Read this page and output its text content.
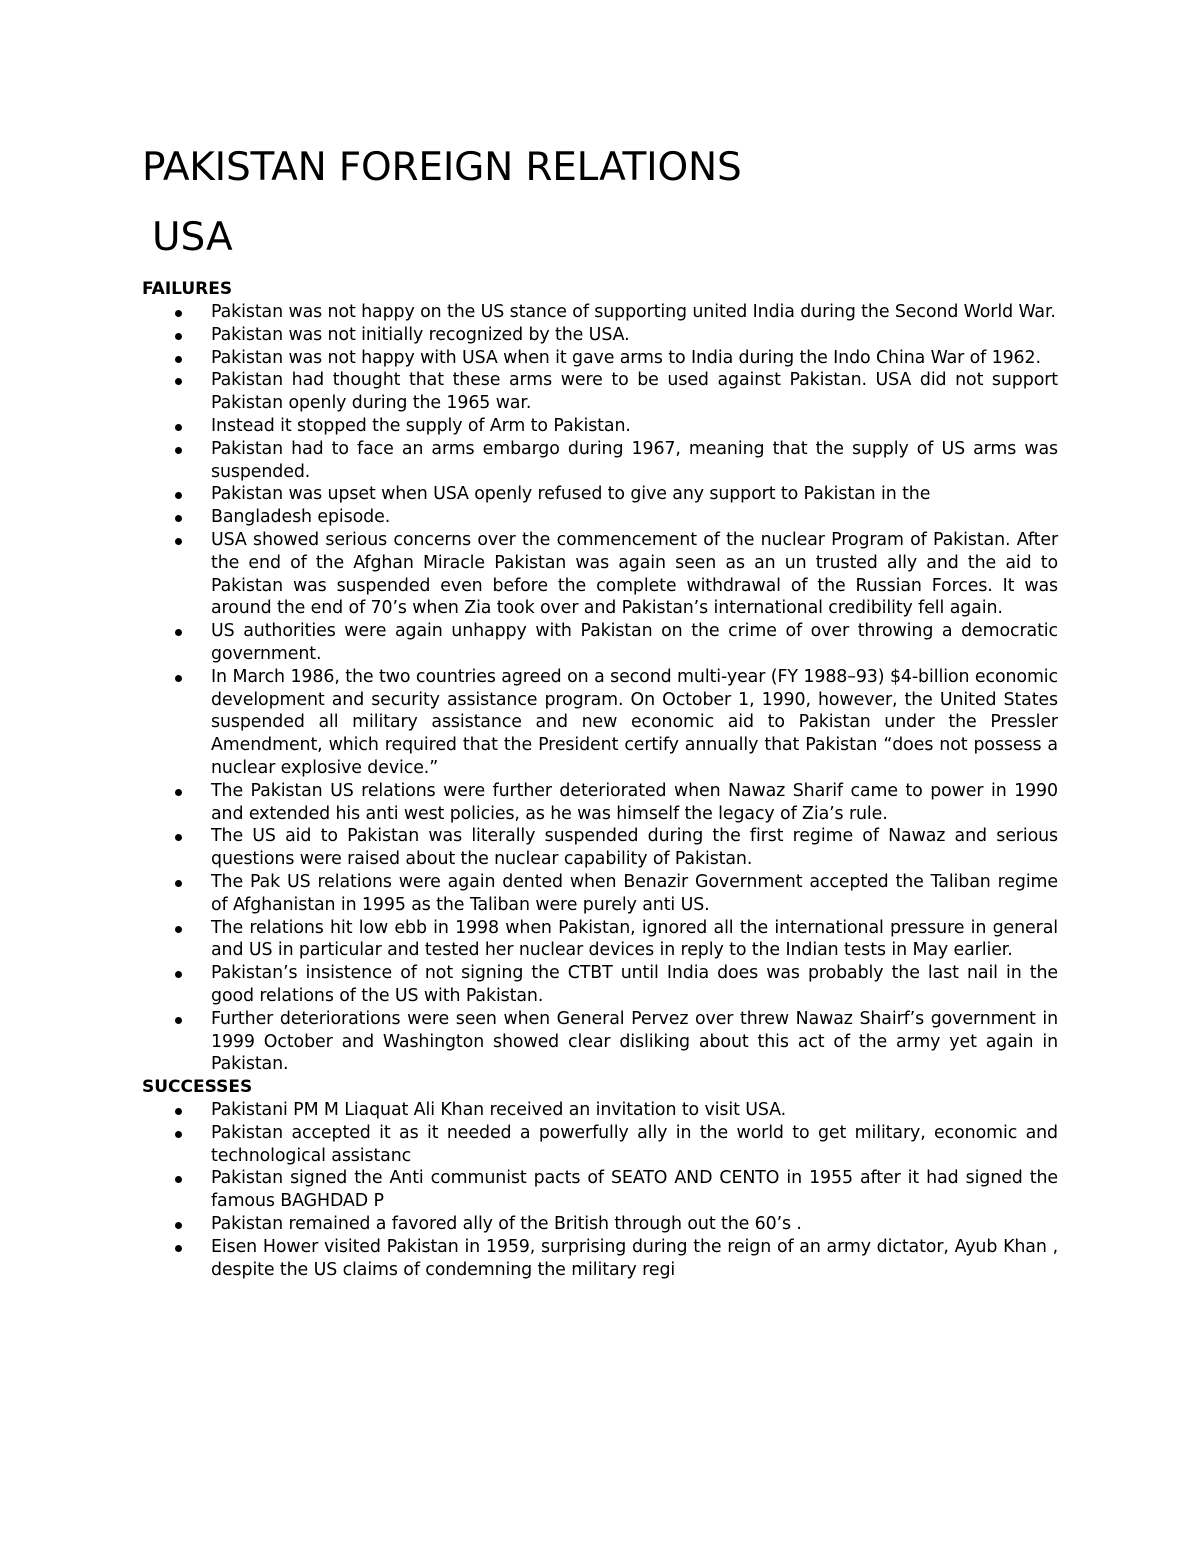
PAKISTAN FOREIGN RELATIONS
USA
FAILURES
Pakistan was not happy on the US stance of supporting united India during the Second World War.
Pakistan was not initially recognized by the USA.
Pakistan was not happy with USA when it gave arms to India during the Indo China War of 1962.
Pakistan had thought that these arms were to be used against Pakistan. USA did not support Pakistan openly during the 1965 war.
Instead it stopped the supply of Arm to Pakistan.
Pakistan had to face an arms embargo during 1967, meaning that the supply of US arms was suspended.
Pakistan was upset when USA openly refused to give any support to Pakistan in the
Bangladesh episode.
USA showed serious concerns over the commencement of the nuclear Program of Pakistan. After the end of the Afghan Miracle Pakistan was again seen as an un trusted ally and the aid to Pakistan was suspended even before the complete withdrawal of the Russian Forces. It was around the end of 70’s when Zia took over and Pakistan’s international credibility fell again.
US authorities were again unhappy with Pakistan on the crime of over throwing a democratic government.
In March 1986, the two countries agreed on a second multi-year (FY 1988–93) $4-billion economic development and security assistance program. On October 1, 1990, however, the United States suspended all military assistance and new economic aid to Pakistan under the Pressler Amendment, which required that the President certify annually that Pakistan “does not possess a nuclear explosive device.”
The Pakistan US relations were further deteriorated when Nawaz Sharif came to power in 1990 and extended his anti west policies, as he was himself the legacy of Zia’s rule.
The US aid to Pakistan was literally suspended during the first regime of Nawaz and serious questions were raised about the nuclear capability of Pakistan.
The Pak US relations were again dented when Benazir Government accepted the Taliban regime of Afghanistan in 1995 as the Taliban were purely anti US.
The relations hit low ebb in 1998 when Pakistan, ignored all the international pressure in general and US in particular and tested her nuclear devices in reply to the Indian tests in May earlier.
Pakistan’s insistence of not signing the CTBT until India does was probably the last nail in the good relations of the US with Pakistan.
Further deteriorations were seen when General Pervez over threw Nawaz Shairf’s government in 1999 October and Washington showed clear disliking about this act of the army yet again in Pakistan.
SUCCESSES
Pakistani PM M Liaquat Ali Khan received an invitation to visit USA.
Pakistan accepted it as it needed a powerfully ally in the world to get military, economic and technological assistanc
Pakistan signed the Anti communist pacts of SEATO AND CENTO in 1955 after it had signed the famous BAGHDAD P
Pakistan remained a favored ally of the British through out the 60’s .
Eisen Hower visited Pakistan in 1959, surprising during the reign of an army dictator, Ayub Khan , despite the US claims of condemning the military regi
